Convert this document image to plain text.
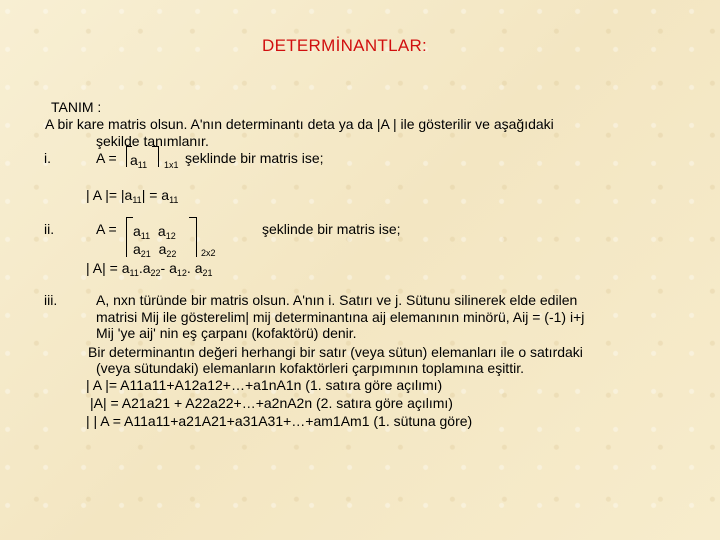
DETERMİNANTLAR:
TANIM :
A bir kare matris olsun. A'nın determinantı deta ya da |A | ile gösterilir ve aşağıdaki
şekilde tanımlanır.
i.	$A = a_{11}$ 1x1 şeklinde bir matris ise;
| A |= $|a_{11}| = a_{11}$
ii.	$A = a_{11}$ $a_{12}$
$a_{21}$ $a_{22}$	2x2
şeklinde bir matris ise;
| $A| = a_{11}.a_{22}-$ $a_{12}$. $a_{21}$
iii.	A, nxn türünde bir matris olsun. A'nın i. Satırı ve j. Sütunu silinerek elde edilen
matrisi Mij ile gösterelim| mij determinantına aij elemanının minörü, Aij = (-1) i+j
Mij 'ye aij' nin eş çarpanı (kofaktörü) denir.
Bir determinantın değeri herhangi bir satır (veya sütun) elemanları ile o satırdaki
(veya sütundaki) elemanların kofaktörleri çarpımının toplamına eşittir.
| A |= A11a11+A12a12+…+a1nA1n (1. satıra göre açılımı)
|A| = A21a21 + A22a22+…+a2nA2n (2. satıra göre açılımı)
| | A = A11a11+a21A21+a31A31+…+am1Am1 (1. sütuna göre)
